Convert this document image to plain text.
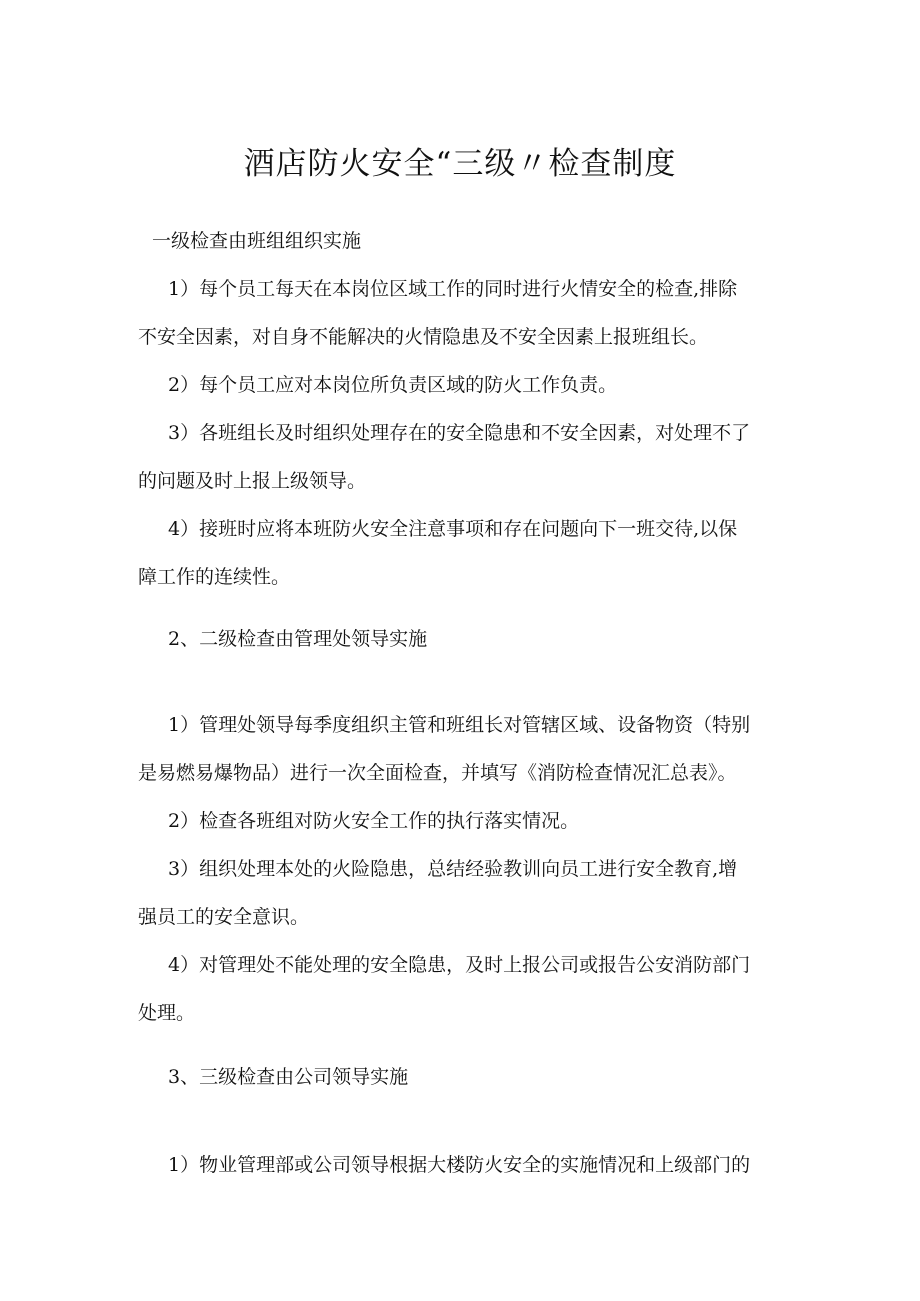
酒店防火安全“三级〃检查制度

一级检查由班组组织实施

1）每个员工每天在本岗位区域工作的同时进行火情安全的检查,排除

不安全因素，对自身不能解决的火情隐患及不安全因素上报班组长。

2）每个员工应对本岗位所负责区域的防火工作负责。

3）各班组长及时组织处理存在的安全隐患和不安全因素，对处理不了

的问题及时上报上级领导。

4）接班时应将本班防火安全注意事项和存在问题向下一班交待,以保

障工作的连续性。

2、二级检查由管理处领导实施

1）管理处领导每季度组织主管和班组长对管辖区域、设备物资（特别

是易燃易爆物品）进行一次全面检查，并填写《消防检查情况汇总表》。

2）检查各班组对防火安全工作的执行落实情况。

3）组织处理本处的火险隐患，总结经验教训向员工进行安全教育,增

强员工的安全意识。

4）对管理处不能处理的安全隐患，及时上报公司或报告公安消防部门

处理。

3、三级检查由公司领导实施

1）物业管理部或公司领导根据大楼防火安全的实施情况和上级部门的
